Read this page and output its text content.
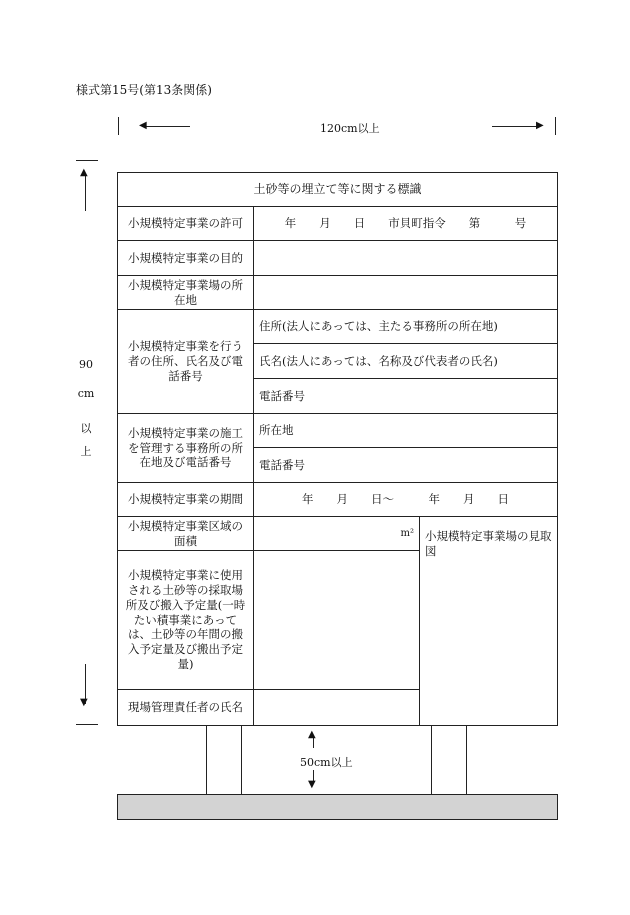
様式第15号(第13条関係)
◀	▶
120cm以上
▲
▼
90
cm
以
上
土砂等の埋立て等に関する標識		
小規模特定事業の許可	年　　月　　日　　市貝町指令　　第　　　号	
小規模特定事業の目的		
小規模特定事業場の所在地		
小規模特定事業を行う者の住所、氏名及び電話番号	住所(法人にあっては、主たる事務所の所在地)	
	氏名(法人にあっては、名称及び代表者の氏名)	
	電話番号	
小規模特定事業の施工を管理する事務所の所在地及び電話番号	所在地	
	電話番号	
小規模特定事業の期間	年　　月　　日～　　　年　　月　　日	
小規模特定事業区域の面積	m²	小規模特定事業場の見取図
小規模特定事業に使用される土砂等の採取場所及び搬入予定量(一時たい積事業にあっては、土砂等の年間の搬入予定量及び搬出予定量)		
現場管理責任者の氏名		
▲
50cm以上
▼
